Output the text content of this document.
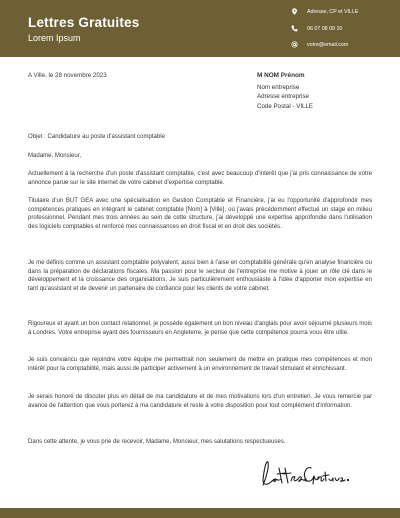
Lettres Gratuites
Lorem Ipsum
Adresse, CP et VILLE
06 07 08 09 10
votre@email.com
A Ville, le 28 novembre 2023	M NOM Prénom
Nom entreprise
Adresse entreprise
Code Postal - VILLE

Objet : Candidature au poste d'assistant comptable

Madame, Monsieur,

Actuellement à la recherche d'un poste d'assistant comptable, c'est avec beaucoup d'intérêt que j'ai pris connaissance de votre annonce parue sur le site internet de votre cabinet d'expertise comptable.

Titulaire d'un BUT GEA avec une spécialisation en Gestion Comptable et Financière, j'ai eu l'opportunité d'approfondir mes compétences pratiques en intégrant le cabinet comptable [Nom] à [Ville], où j'avais précédemment effectué un stage en milieu professionnel. Pendant mes trois années au sein de cette structure, j'ai développé une expertise approfondie dans l'utilisation des logiciels comptables et renforcé mes connaissances en droit fiscal et en droit des sociétés.

Je me définis comme un assistant comptable polyvalent, aussi bien à l'aise en comptabilité générale qu'en analyse financière ou dans la préparation de déclarations fiscales. Ma passion pour le secteur de l'entreprise me motive à jouer un rôle clé dans le développement et la croissance des organisations. Je suis particulièrement enthousiaste à l'idée d'apporter mon expertise en tant qu'assistant et de devenir un partenaire de confiance pour les clients de votre cabinet.

Rigoureux et ayant un bon contact relationnel, je possède également un bon niveau d'anglais pour avoir séjourné plusieurs mois à Londres. Votre entreprise ayant des fournisseurs en Angleterre, je pense que cette compétence pourra vous être utile.

Je suis convaincu que rejoindre votre équipe me permettrait non seulement de mettre en pratique mes compétences et mon intérêt pour la comptabilité, mais aussi de participer activement à un environnement de travail stimulant et enrichissant.

Je serais honoré de discuter plus en détail de ma candidature et de mes motivations lors d'un entretien. Je vous remercie par avance de l'attention que vous porterez à ma candidature et reste à votre disposition pour tout complément d'information.

Dans cette attente, je vous prie de recevoir, Madame, Monsieur, mes salutations respectueuses.
